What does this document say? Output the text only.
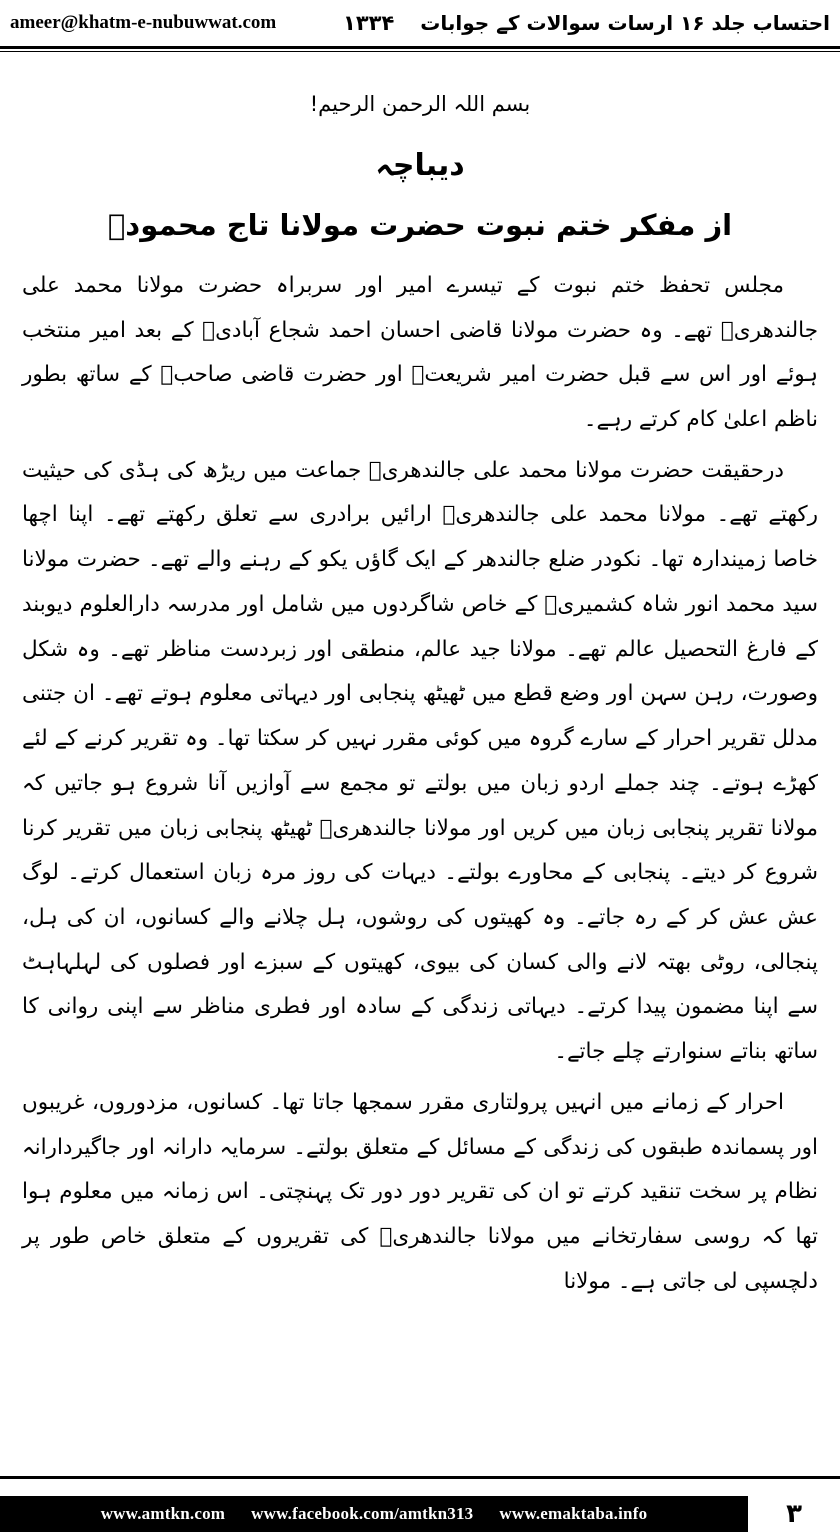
احتساب جلد ۱۶ ارسات سوالات کے جوابات
۱۳۳۴
ameer@khatm-e-nubuwwat.com
بسم اللہ الرحمن الرحیم!
دیباچہ
از مفکر ختم نبوت حضرت مولانا تاج محمودؒ

مجلس تحفظ ختم نبوت کے تیسرے امیر اور سربراہ حضرت مولانا محمد علی جالندھریؒ تھے۔ وہ حضرت مولانا قاضی احسان احمد شجاع آبادیؒ کے بعد امیر منتخب ہوئے اور اس سے قبل حضرت امیر شریعتؒ اور حضرت قاضی صاحبؒ کے ساتھ بطور ناظم اعلیٰ کام کرتے رہے۔

درحقیقت حضرت مولانا محمد علی جالندھریؒ جماعت میں ریڑھ کی ہڈی کی حیثیت رکھتے تھے۔ مولانا محمد علی جالندھریؒ ارائیں برادری سے تعلق رکھتے تھے۔ اپنا اچھا خاصا زمیندارہ تھا۔ نکودر ضلع جالندھر کے ایک گاؤں یکو کے رہنے والے تھے۔ حضرت مولانا سید محمد انور شاہ کشمیریؒ کے خاص شاگردوں میں شامل اور مدرسہ دارالعلوم دیوبند کے فارغ التحصیل عالم تھے۔ مولانا جید عالم، منطقی اور زبردست مناظر تھے۔ وہ شکل وصورت، رہن سہن اور وضع قطع میں ٹھیٹھ پنجابی اور دیہاتی معلوم ہوتے تھے۔ ان جتنی مدلل تقریر احرار کے سارے گروہ میں کوئی مقرر نہیں کر سکتا تھا۔ وہ تقریر کرنے کے لئے کھڑے ہوتے۔ چند جملے اردو زبان میں بولتے تو مجمع سے آوازیں آنا شروع ہو جاتیں کہ مولانا تقریر پنجابی زبان میں کریں اور مولانا جالندھریؒ ٹھیٹھ پنجابی زبان میں تقریر کرنا شروع کر دیتے۔ پنجابی کے محاورے بولتے۔ دیہات کی روز مرہ زبان استعمال کرتے۔ لوگ عش عش کر کے رہ جاتے۔ وہ کھیتوں کی روشوں، ہل چلانے والے کسانوں، ان کی ہل، پنجالی، روٹی بھتہ لانے والی کسان کی بیوی، کھیتوں کے سبزے اور فصلوں کی لہلہاہٹ سے اپنا مضمون پیدا کرتے۔ دیہاتی زندگی کے سادہ اور فطری مناظر سے اپنی روانی کا ساتھ بناتے سنوارتے چلے جاتے۔

احرار کے زمانے میں انہیں پرولتاری مقرر سمجھا جاتا تھا۔ کسانوں، مزدوروں، غریبوں اور پسماندہ طبقوں کی زندگی کے مسائل کے متعلق بولتے۔ سرمایہ دارانہ اور جاگیردارانہ نظام پر سخت تنقید کرتے تو ان کی تقریر دور دور تک پہنچتی۔ اس زمانہ میں معلوم ہوا تھا کہ روسی سفارتخانے میں مولانا جالندھریؒ کی تقریروں کے متعلق خاص طور پر دلچسپی لی جاتی ہے۔ مولانا

۳
www.amtkn.com www.facebook.com/amtkn313 www.emaktaba.info
